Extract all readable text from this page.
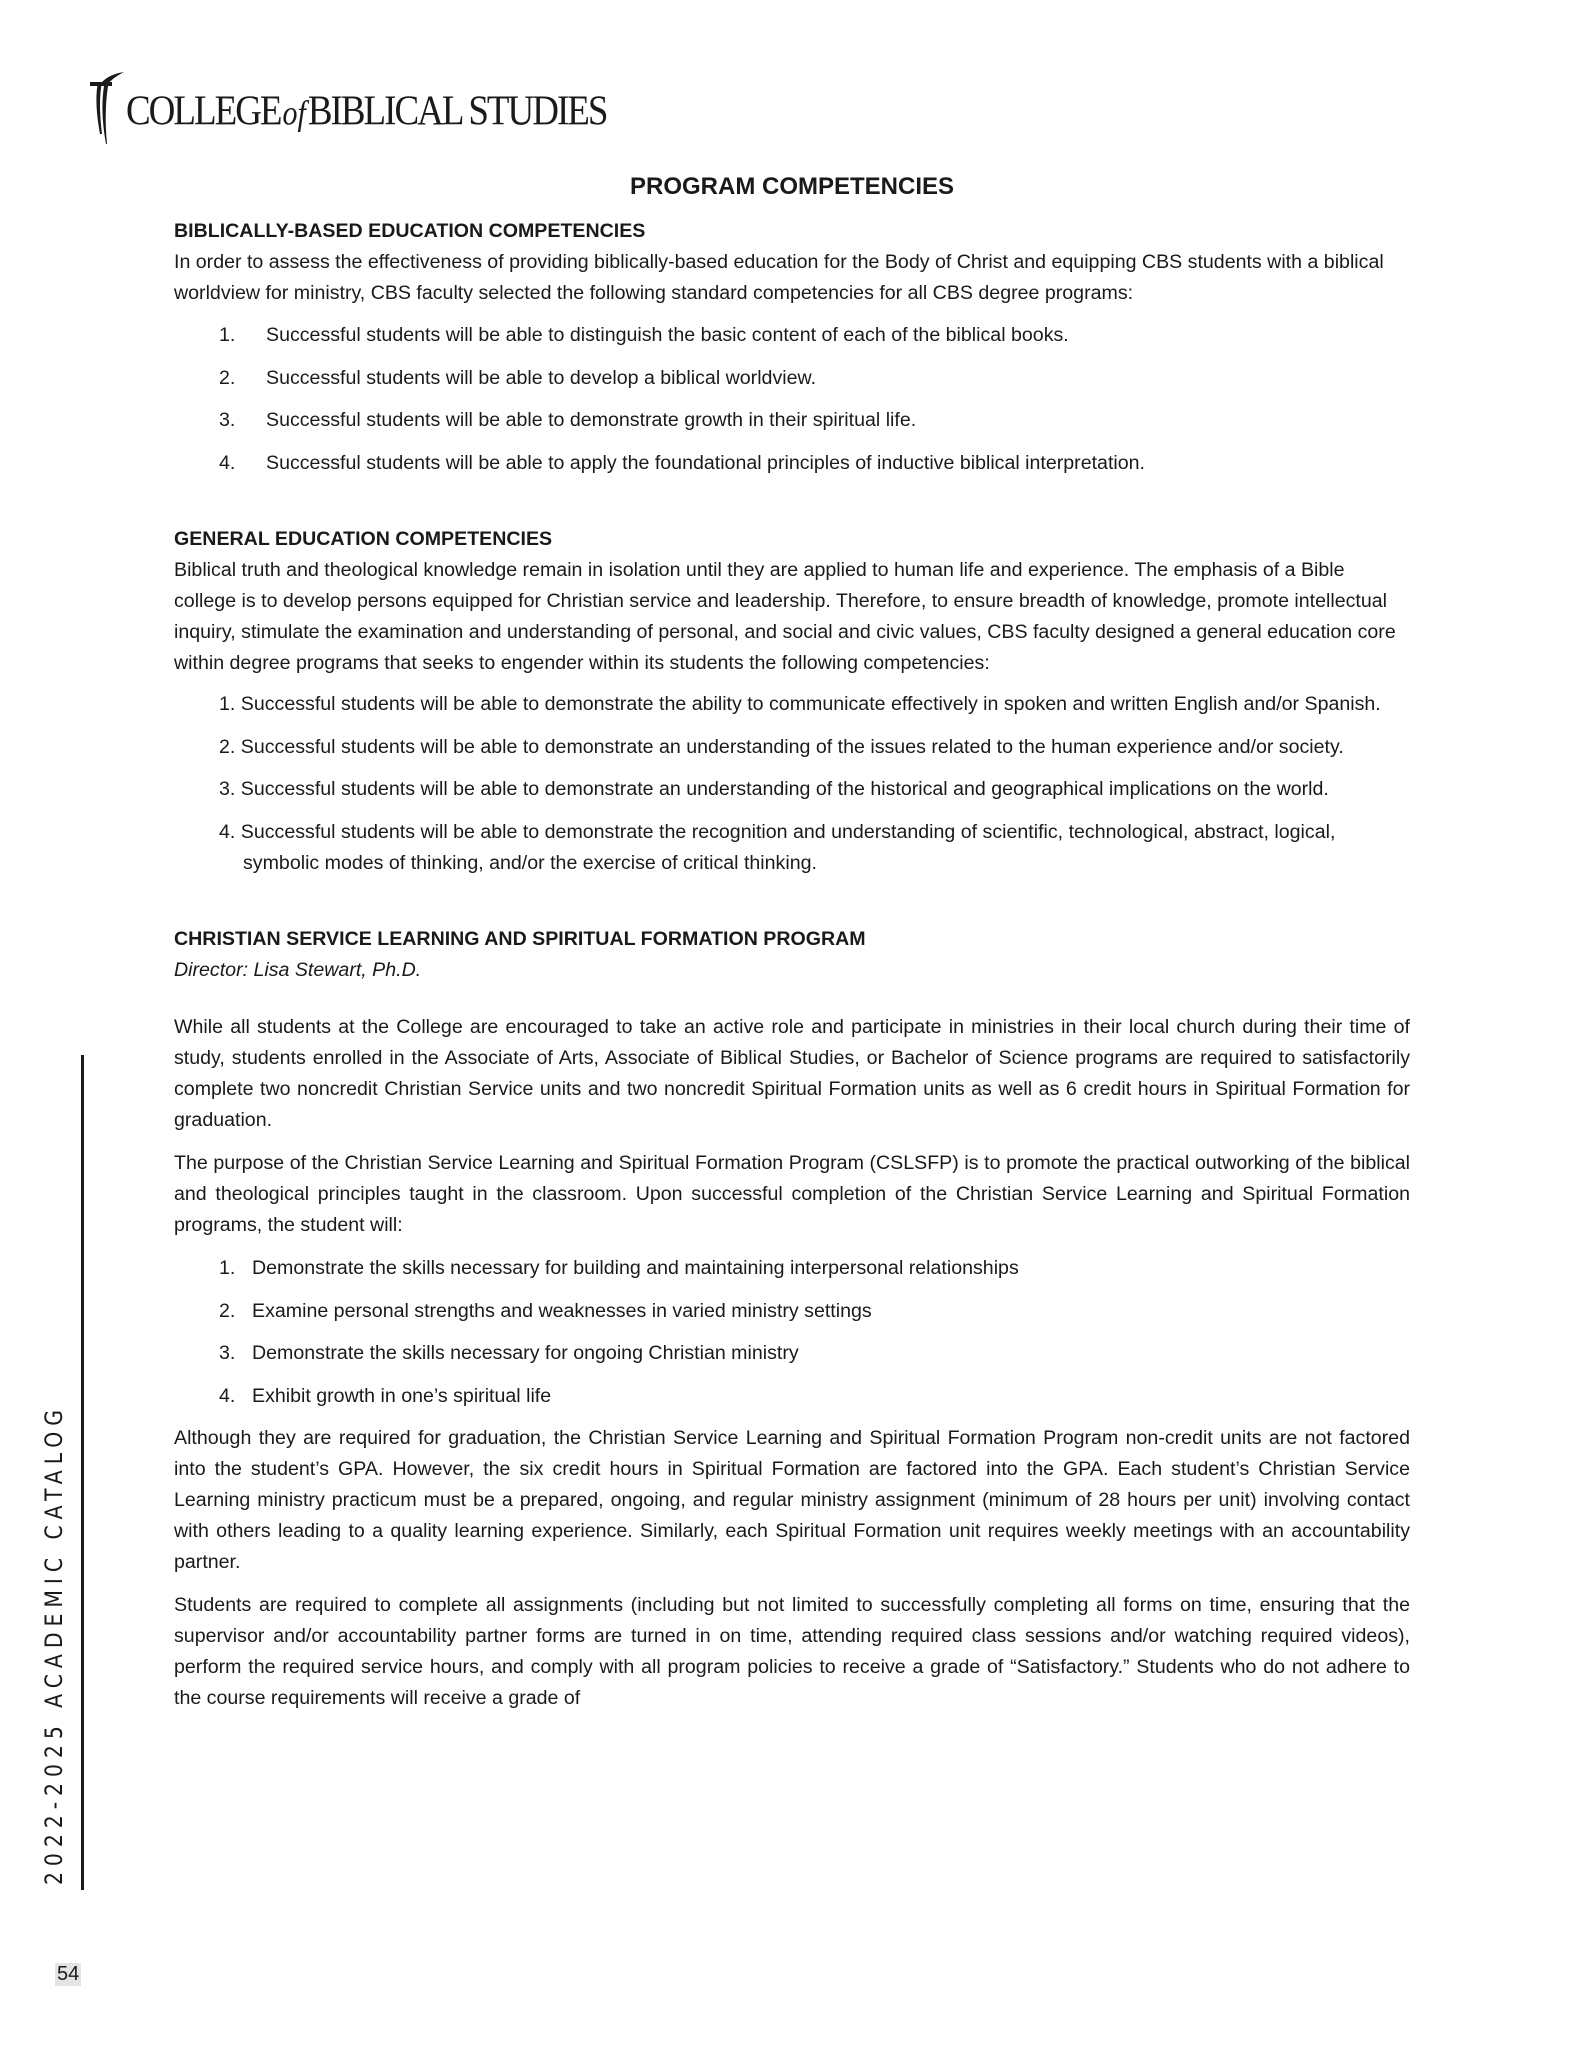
COLLEGEofBIBLICAL STUDIES
PROGRAM COMPETENCIES
BIBLICALLY-BASED EDUCATION COMPETENCIES

In order to assess the effectiveness of providing biblically-based education for the Body of Christ and equipping CBS students with a biblical worldview for ministry, CBS faculty selected the following standard competencies for all CBS degree programs:

1.	Successful students will be able to distinguish the basic content of each of the biblical books.
2.	Successful students will be able to develop a biblical worldview.
3.	Successful students will be able to demonstrate growth in their spiritual life.
4.	Successful students will be able to apply the foundational principles of inductive biblical interpretation.
GENERAL EDUCATION COMPETENCIES

Biblical truth and theological knowledge remain in isolation until they are applied to human life and experience. The emphasis of a Bible college is to develop persons equipped for Christian service and leadership. Therefore, to ensure breadth of knowledge, promote intellectual inquiry, stimulate the examination and understanding of personal, and social and civic values, CBS faculty designed a general education core within degree programs that seeks to engender within its students the following competencies:

1. Successful students will be able to demonstrate the ability to communicate effectively in spoken and written English and/or Spanish.
2. Successful students will be able to demonstrate an understanding of the issues related to the human experience and/or society.
3. Successful students will be able to demonstrate an understanding of the historical and geographical implications on the world.
4. Successful students will be able to demonstrate the recognition and understanding of scientific, technological, abstract, logical, symbolic modes of thinking, and/or the exercise of critical thinking.
CHRISTIAN SERVICE LEARNING AND SPIRITUAL FORMATION PROGRAM
Director: Lisa Stewart, Ph.D.

While all students at the College are encouraged to take an active role and participate in ministries in their local church during their time of study, students enrolled in the Associate of Arts, Associate of Biblical Studies, or Bachelor of Science programs are required to satisfactorily complete two noncredit Christian Service units and two noncredit Spiritual Formation units as well as 6 credit hours in Spiritual Formation for graduation.

The purpose of the Christian Service Learning and Spiritual Formation Program (CSLSFP) is to promote the practical outworking of the biblical and theological principles taught in the classroom. Upon successful completion of the Christian Service Learning and Spiritual Formation programs, the student will:

1. Demonstrate the skills necessary for building and maintaining interpersonal relationships
2. Examine personal strengths and weaknesses in varied ministry settings
3. Demonstrate the skills necessary for ongoing Christian ministry
4. Exhibit growth in one’s spiritual life

Although they are required for graduation, the Christian Service Learning and Spiritual Formation Program non-credit units are not factored into the student’s GPA. However, the six credit hours in Spiritual Formation are factored into the GPA. Each student’s Christian Service Learning ministry practicum must be a prepared, ongoing, and regular ministry assignment (minimum of 28 hours per unit) involving contact with others leading to a quality learning experience. Similarly, each Spiritual Formation unit requires weekly meetings with an accountability partner.

Students are required to complete all assignments (including but not limited to successfully completing all forms on time, ensuring that the supervisor and/or accountability partner forms are turned in on time, attending required class sessions and/or watching required videos), perform the required service hours, and comply with all program policies to receive a grade of “Satisfactory.” Students who do not adhere to the course requirements will receive a grade of

2022-2025 ACADEMIC CATALOG
54
